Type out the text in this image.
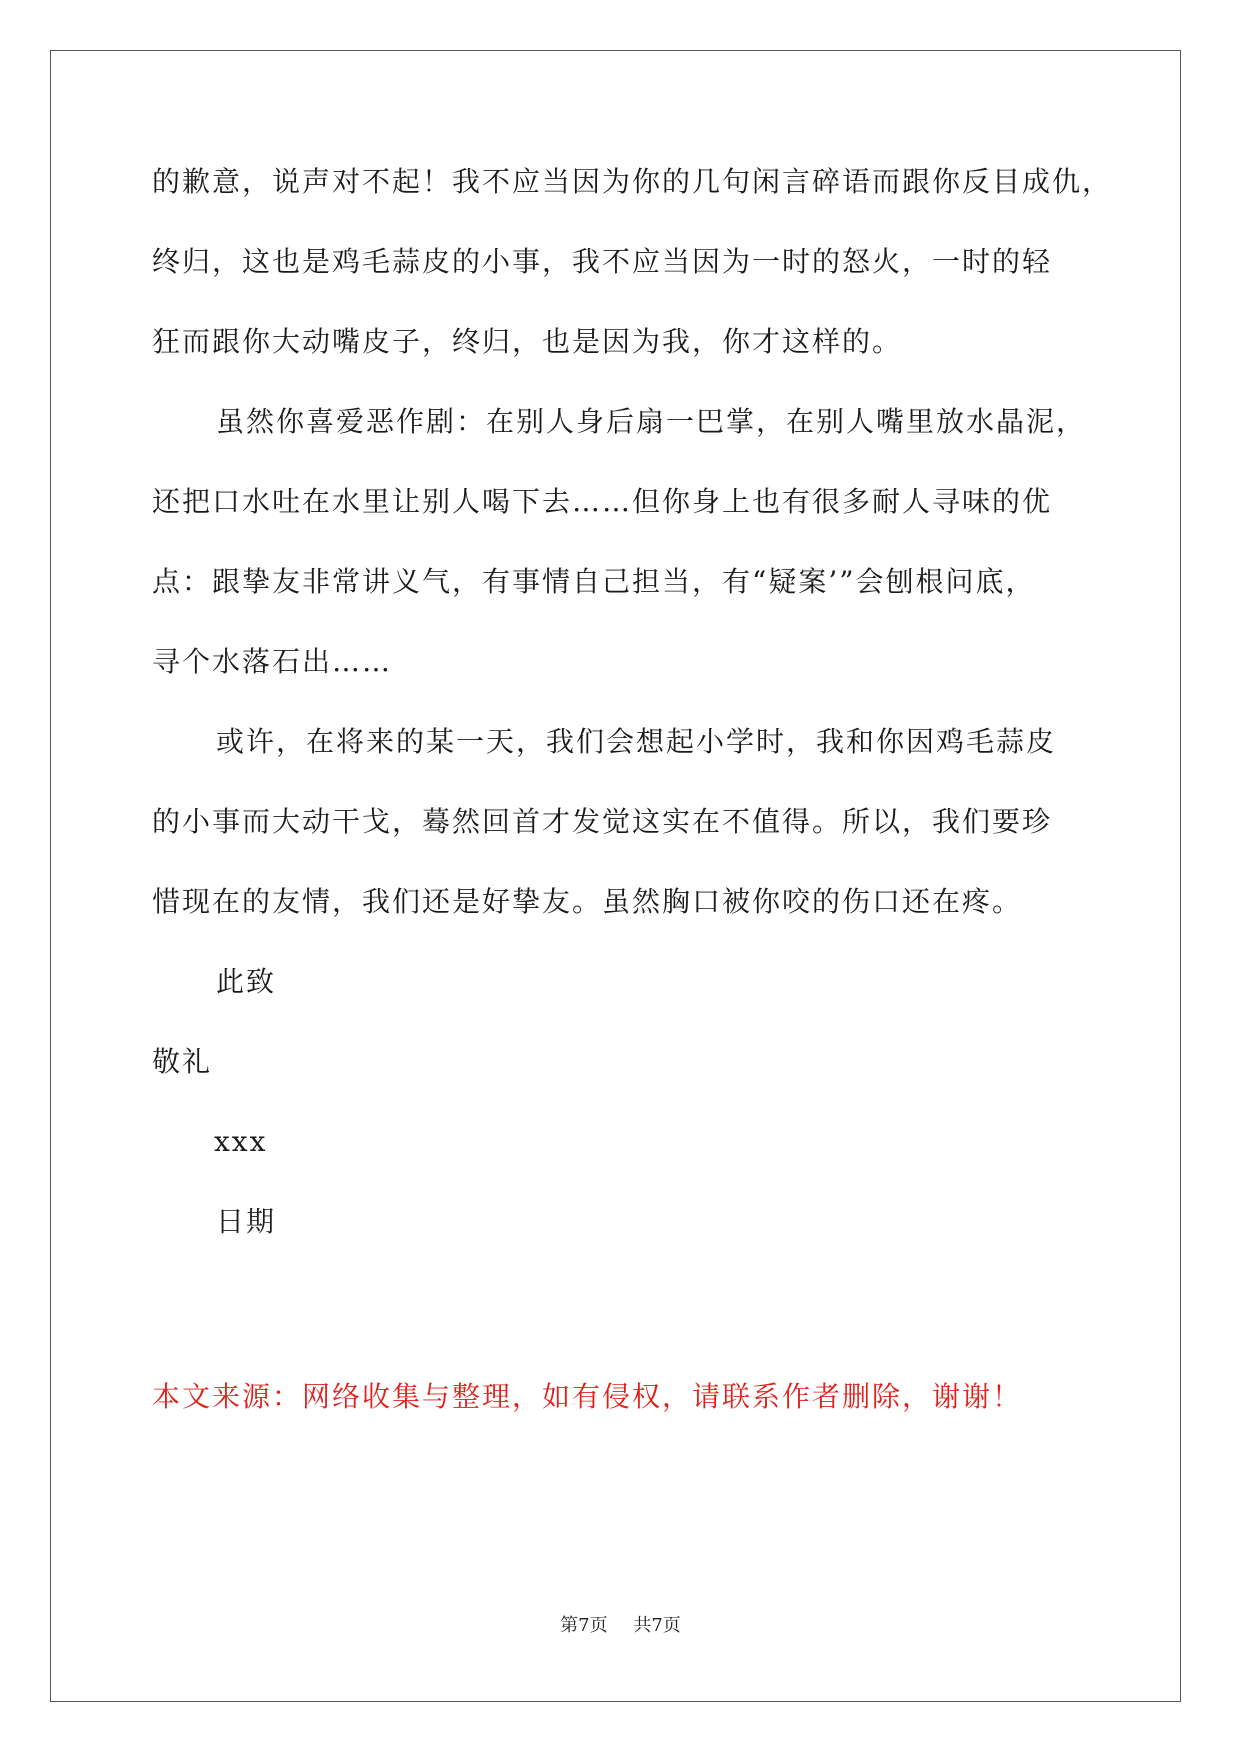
的歉意，说声对不起！我不应当因为你的几句闲言碎语而跟你反目成仇，
终归，这也是鸡毛蒜皮的小事，我不应当因为一时的怒火，一时的轻
狂而跟你大动嘴皮子，终归，也是因为我，你才这样的。
虽然你喜爱恶作剧：在别人身后扇一巴掌，在别人嘴里放水晶泥，
还把口水吐在水里让别人喝下去……但你身上也有很多耐人寻味的优
点：跟挚友非常讲义气，有事情自己担当，有“疑案’”会刨根问底，
寻个水落石出……
或许，在将来的某一天，我们会想起小学时，我和你因鸡毛蒜皮
的小事而大动干戈，蓦然回首才发觉这实在不值得。所以，我们要珍
惜现在的友情，我们还是好挚友。虽然胸口被你咬的伤口还在疼。
此致
敬礼
xxx
日期
本文来源：网络收集与整理，如有侵权，请联系作者删除，谢谢！
第7页 共7页
